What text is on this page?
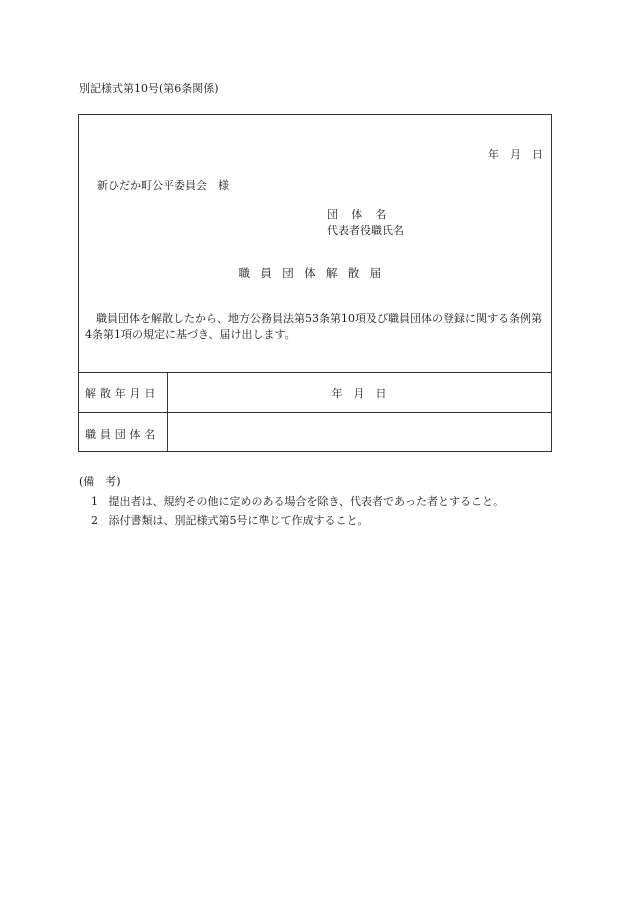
別記様式第10号(第6条関係)
年　月　日
新ひだか町公平委員会　様
団体名
代表者役職氏名
職員団体解散届
職員団体を解散したから、地方公務員法第53条第10項及び職員団体の登録に関する条例第4条第1項の規定に基づき、届け出します。
解散年月日	年　月　日
職員団体名
(備　考)
1 提出者は、規約その他に定めのある場合を除き、代表者であった者とすること。
2 添付書類は、別記様式第5号に準じて作成すること。
